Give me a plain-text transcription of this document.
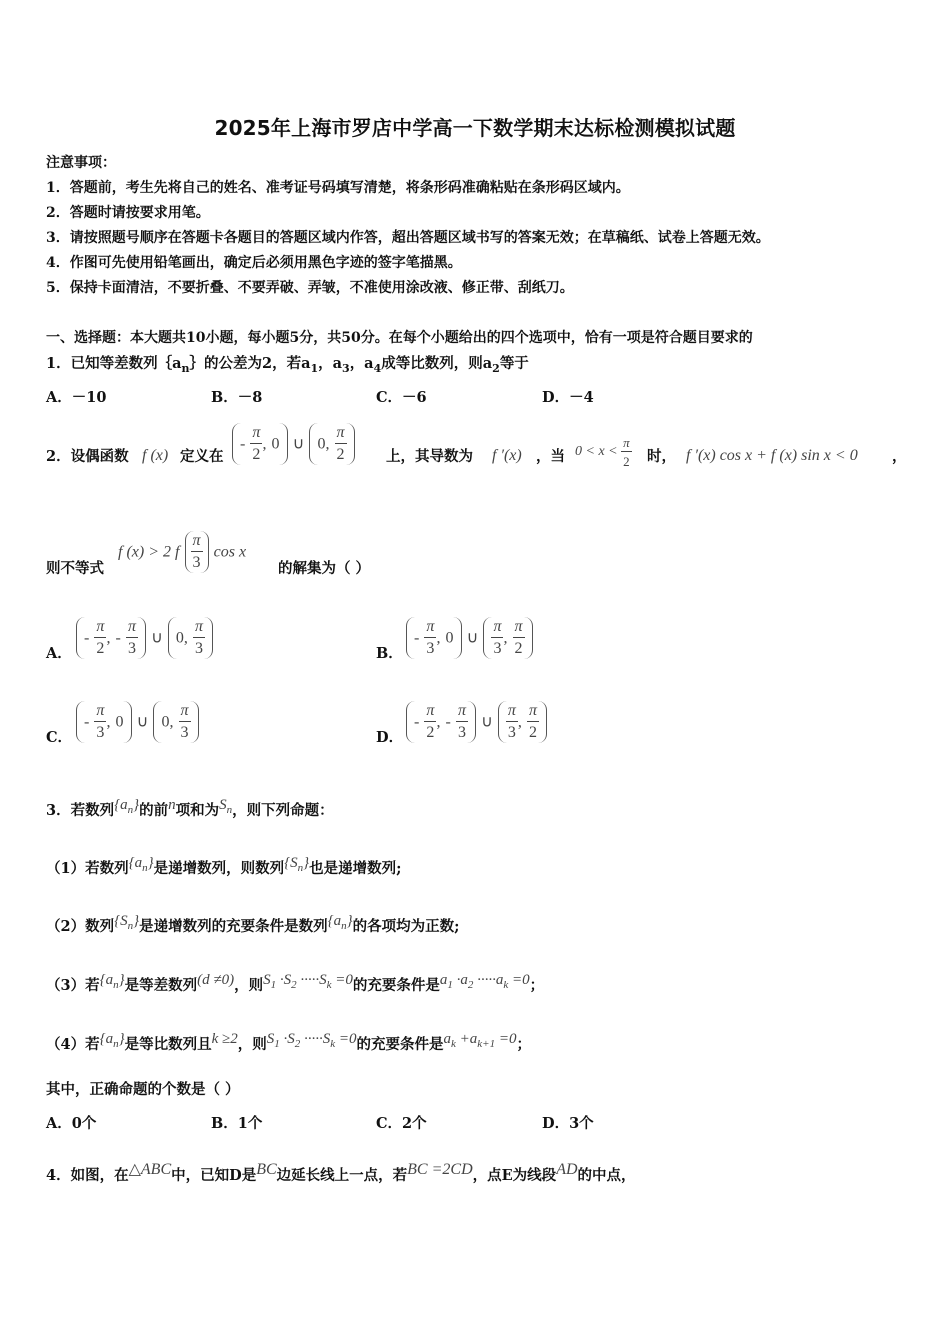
2025年上海市罗店中学高一下数学期末达标检测模拟试题
注意事项：
1．答题前，考生先将自己的姓名、准考证号码填写清楚，将条形码准确粘贴在条形码区域内。
2．答题时请按要求用笔。
3．请按照题号顺序在答题卡各题目的答题区域内作答，超出答题区域书写的答案无效；在草稿纸、试卷上答题无效。
4．作图可先使用铅笔画出，确定后必须用黑色字迹的签字笔描黑。
5．保持卡面清洁，不要折叠、不要弄破、弄皱，不准使用涂改液、修正带、刮纸刀。
一、选择题：本大题共10小题，每小题5分，共50分。在每个小题给出的四个选项中，恰有一项是符合题目要求的
1．已知等差数列$\{a_n\}$的公差为2，若$a_1$，$a_3$，$a_4$成等比数列，则$a_2$等于
A．－10	B．－8	C．－6	D．－4
2．设偶函数 f (x) 定义在
- $\frac{\pi}{2}$ , 0 ∪ 0, $\frac{\pi}{2}$	上，其导数为 f ′(x) ，当 $0 < x < \frac{\pi}{2}$ 时， f ′(x) cos x + f (x) sin x < 0 ，
则不等式
f (x) > 2 f $\frac{\pi}{3}$ cos x
的解集为（ ）
A．
- $\frac{\pi}{2}$ , - $\frac{\pi}{3}$ ∪ 0, $\frac{\pi}{3}$	B．
- $\frac{\pi}{3}$ , 0 ∪ $\frac{\pi}{3}$ , $\frac{\pi}{2}$
C．
- $\frac{\pi}{3}$ , 0 ∪ 0, $\frac{\pi}{3}$	D．
- $\frac{\pi}{2}$ , - $\frac{\pi}{3}$ ∪ $\frac{\pi}{3}$ , $\frac{\pi}{2}$
3．若数列$\{a_n\}$的前n项和为$S_n$，则下列命题：
（1）若数列$\{a_n\}$是递增数列，则数列$\{S_n\}$也是递增数列;
（2）数列$\{S_n\}$是递增数列的充要条件是数列$\{a_n\}$的各项均为正数;
（3）若$\{a_n\}$是等差数列(d ≠0)，则$S_1 \cdot S_2 \cdot\cdot\cdot\cdot\cdot S_k =0$的充要条件是$a_1 \cdot a_2 \cdot\cdot\cdot\cdot\cdot a_k =0$；
（4）若$\{a_n\}$是等比数列且k ≥2，则$S_1 \cdot S_2 \cdot\cdot\cdot\cdot\cdot S_k =0$的充要条件是$a_k +a_{k+1} =0$；
其中，正确命题的个数是（ ）
A．0个	B．1个	C．2个	D．3个
4．如图，在△ABC中，已知D是BC边延长线上一点，若BC =2CD，点E为线段AD的中点，
